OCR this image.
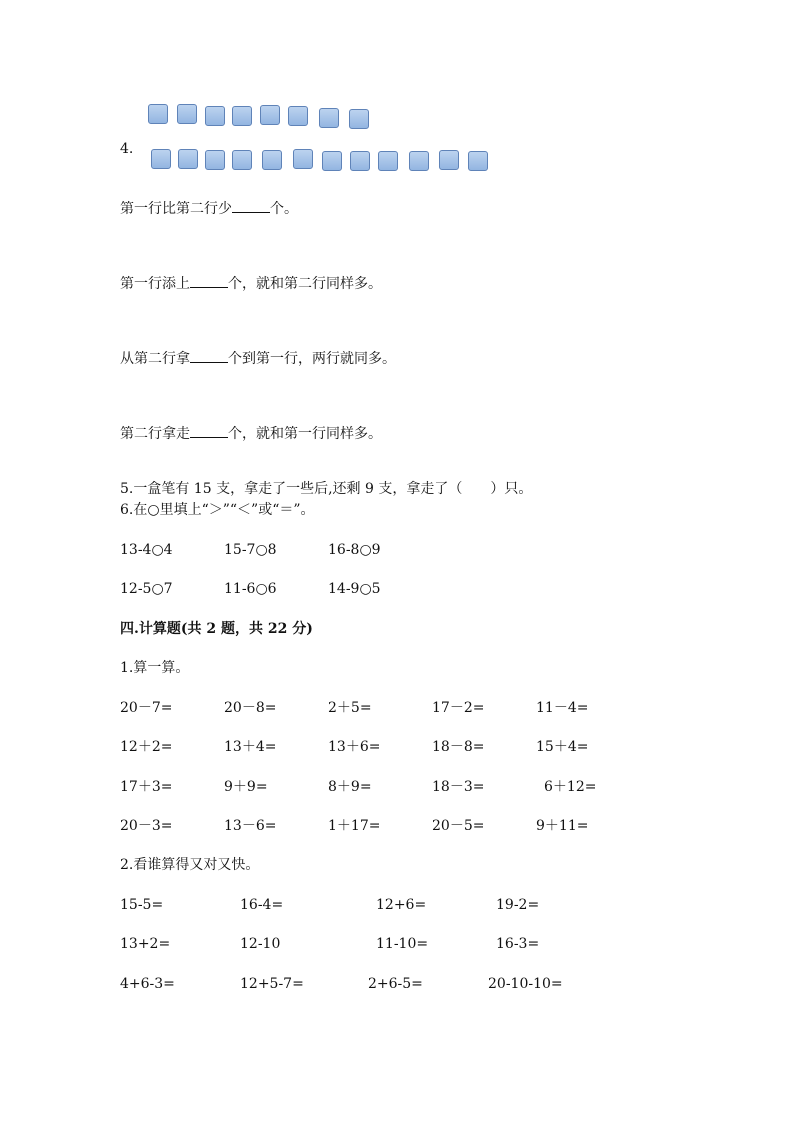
4.
第一行比第二行少	个。
第一行添上	个，就和第二行同样多。
从第二行拿	个到第一行，两行就同多。
第二行拿走	个，就和第一行同样多。
5.一盒笔有 15 支，拿走了一些后,还剩 9 支，拿走了（　　）只。
6.在○里填上“＞”“＜”或“＝”。
13-4○4	15-7○8	16-8○9
12-5○7	11-6○6	14-9○5
四.计算题(共 2 题，共 22 分)
1.算一算。
20－7=	20－8=	2＋5=	17－2=	11－4=
12＋2=	13＋4=	13＋6=	18－8=	15＋4=
17＋3=	9＋9=	8＋9=	18－3=	6＋12=
20－3=	13－6=	1＋17=	20－5=	9＋11=
2.看谁算得又对又快。
15-5=	16-4=	12+6=	19-2=
13+2=	12-10	11-10=	16-3=
4+6-3=	12+5-7=	2+6-5=	20-10-10=
